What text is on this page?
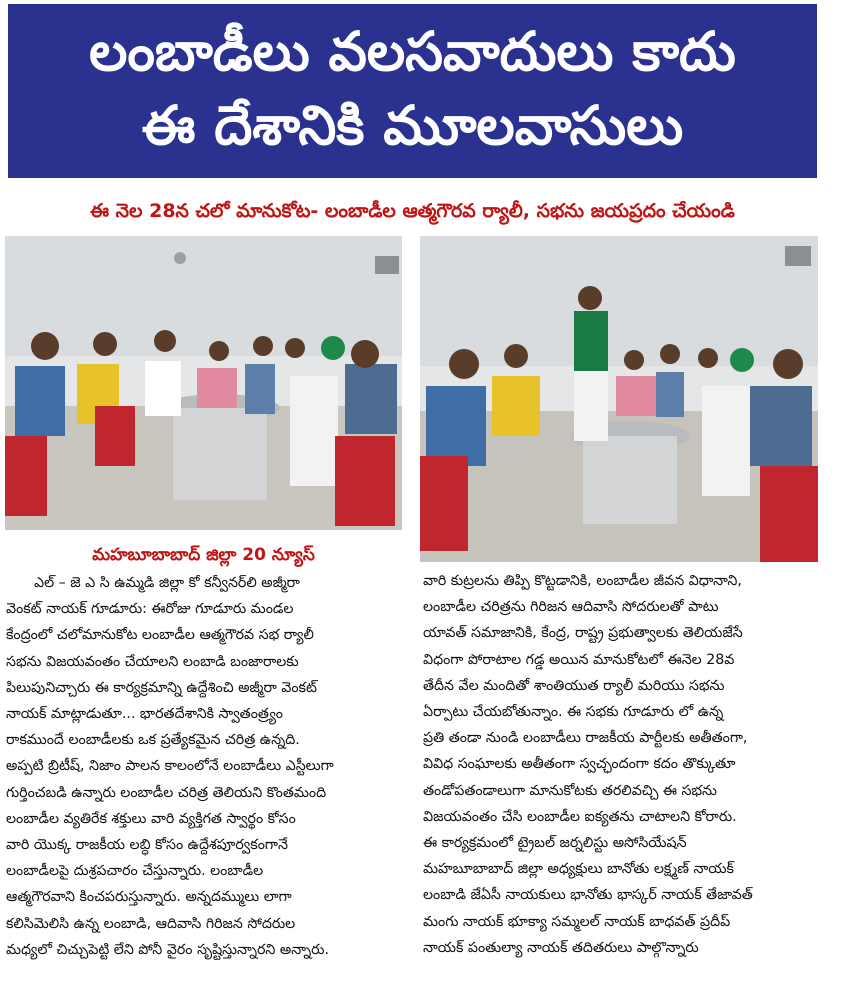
లంబాడీలు వలసవాదులు కాదు
ఈ దేశానికి మూలవాసులు
ఈ నెల 28న చలో మానుకోట- లంబాడీల ఆత్మగౌరవ ర్యాలీ, సభను జయప్రదం చేయండి
మహబూబాబాద్ జిల్లా 20 న్యూస్
ఎల్ – జె ఎ సి ఉమ్మడి జిల్లా కో కన్వీనర్‌లి అజ్మీరా
వెంకట్ నాయక్ గూడూరు: ఈరోజు గూడూరు మండల
కేంద్రంలో చలోమానుకోట లంబాడీల ఆత్మగౌరవ సభ ర్యాలీ
సభను విజయవంతం చేయాలని లంబాడి బంజారాలకు
పిలుపునిచ్చారు ఈ కార్యక్రమాన్ని ఉద్దేశించి అజ్మీరా వెంకట్
నాయక్ మాట్లాడుతూ... భారతదేశానికి స్వాతంత్ర్యం
రాకముందే లంబాడీలకు ఒక ప్రత్యేకమైన చరిత్ర ఉన్నది.
అప్పటి బ్రిటీష్, నిజాం పాలన కాలంలోనే లంబాడీలు ఎస్టీలుగా
గుర్తించబడి ఉన్నారు లంబాడీల చరిత్ర తెలియని కొంతమంది
లంబాడీల వ్యతిరేక శక్తులు వారి వ్యక్తిగత స్వార్థం కోసం
వారి యొక్క రాజకీయ లబ్ధి కోసం ఉద్దేశపూర్వకంగానే
లంబాడీలపై దుశ్రపచారం చేస్తున్నారు. లంబాడీల
ఆత్మగౌరవాని కించపరుస్తున్నారు. అన్నదమ్ములు లాగా
కలిసిమెలిసి ఉన్న లంబాడి, ఆదివాసి గిరిజన సోదరుల
మధ్యలో చిచ్చుపెట్టి లేని పోనీ వైరం సృష్టిస్తున్నారని అన్నారు.
వారి కుట్రలను తిప్పి కొట్టడానికి, లంబాడీల జీవన విధానాని,
లంబాడీల చరిత్రను గిరిజన ఆదివాసి సోదరులతో పాటు
యావత్ సమాజానికి, కేంద్ర, రాష్ట్ర ప్రభుత్వాలకు తెలియజేసే
విధంగా పోరాటాల గడ్డ అయిన మానుకోటలో ఈనెల 28వ
తేదీన వేల మందితో శాంతియుత ర్యాలీ మరియు సభను
ఏర్పాటు చేయబోతున్నాం. ఈ సభకు గూడూరు లో ఉన్న
ప్రతి తండా నుండి లంబాడీలు రాజకీయ పార్టీలకు అతీతంగా,
వివిధ సంఘాలకు అతీతంగా స్వచ్ఛందంగా కదం తొక్కుతూ
తండోపతండాలుగా మానుకోటకు తరలివచ్చి ఈ సభను
విజయవంతం చేసి లంబాడీల ఐక్యతను చాటాలని కోరారు.
ఈ కార్యక్రమంలో ట్రైబల్ జర్నలిస్టు అసోసియేషన్
మహబూబాబాద్ జిల్లా అధ్యక్షులు బానోతు లక్ష్మణ్ నాయక్
లంబాడి జేఏసీ నాయకులు భానోతు భాస్కర్ నాయక్ తేజావత్
మంగు నాయక్ భూక్యా సమ్మలల్ నాయక్ బాధవత్ ప్రదీప్
నాయక్ పంతుల్యా నాయక్ తదితరులు పాల్గొన్నారు
